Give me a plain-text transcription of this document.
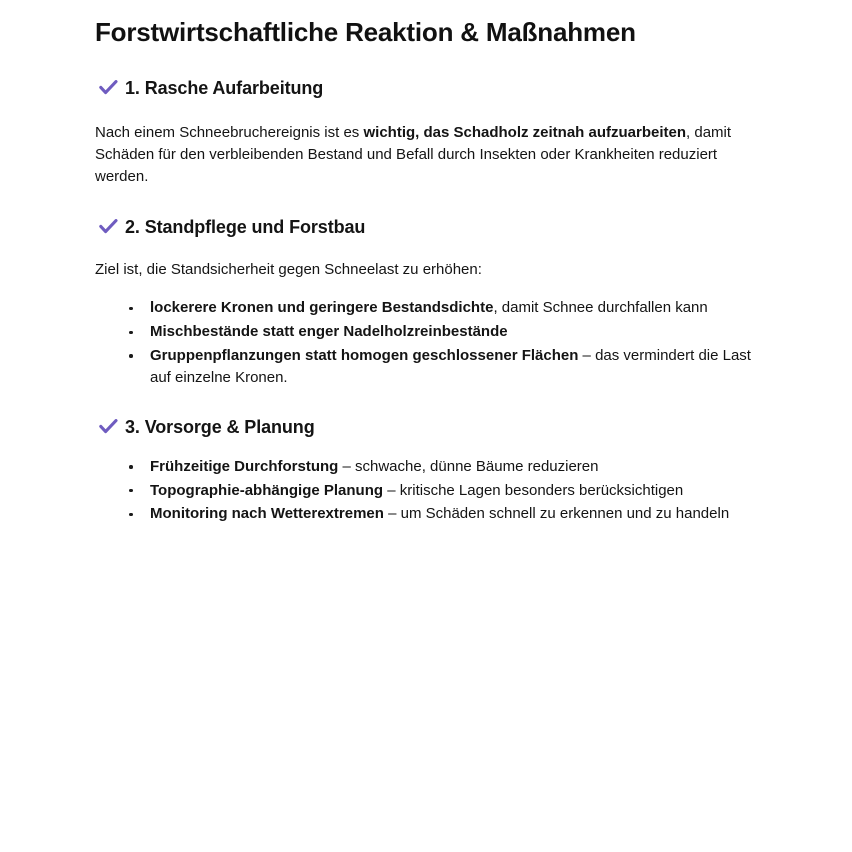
Forstwirtschaftliche Reaktion & Maßnahmen
1. Rasche Aufarbeitung

Nach einem Schneebruchereignis ist es wichtig, das Schadholz zeitnah aufzuarbeiten, damit Schäden für den verbleibenden Bestand und Befall durch Insekten oder Krankheiten reduziert werden.

2. Standpflege und Forstbau

Ziel ist, die Standsicherheit gegen Schneelast zu erhöhen:

lockerere Kronen und geringere Bestandsdichte, damit Schnee durchfallen kann
Mischbestände statt enger Nadelholzreinbestände
Gruppenpflanzungen statt homogen geschlossener Flächen – das vermindert die Last auf einzelne Kronen.
3. Vorsorge & Planung
Frühzeitige Durchforstung – schwache, dünne Bäume reduzieren
Topographie-abhängige Planung – kritische Lagen besonders berücksichtigen
Monitoring nach Wetterextremen – um Schäden schnell zu erkennen und zu handeln
